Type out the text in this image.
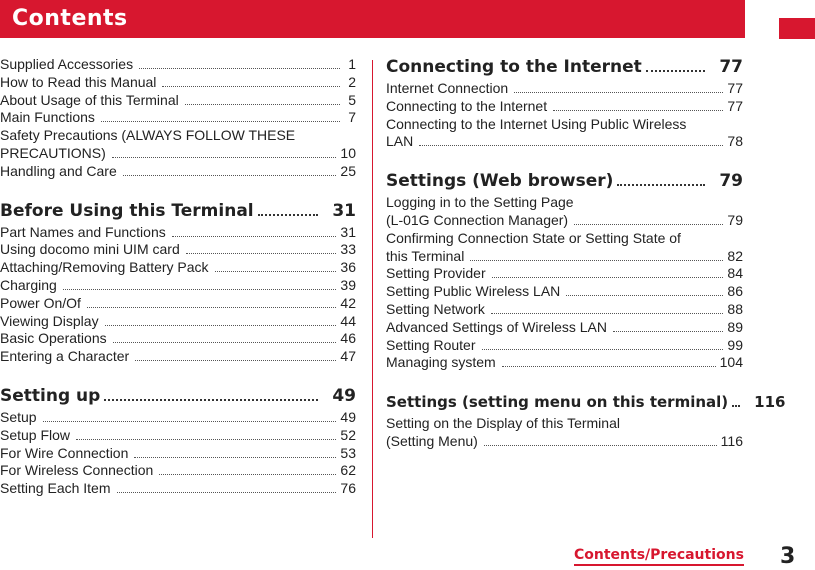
Contents
Supplied Accessories	1
How to Read this Manual	2
About Usage of this Terminal	5
Main Functions	7
Safety Precautions (ALWAYS FOLLOW THESE
PRECAUTIONS)	10
Handling and Care	25
Before Using this Terminal	31
Part Names and Functions	31
Using docomo mini UIM card	33
Attaching/Removing Battery Pack	36
Charging	39
Power On/Of	42
Viewing Display	44
Basic Operations	46
Entering a Character	47
Setting up	49
Setup	49
Setup Flow	52
For Wire Connection	53
For Wireless Connection	62
Setting Each Item	76
Connecting to the Internet	77
Internet Connection	77
Connecting to the Internet	77
Connecting to the Internet Using Public Wireless
LAN	78
Settings (Web browser)	79
Logging in to the Setting Page
(L-01G Connection Manager)	79
Confirming Connection State or Setting State of
this Terminal	82
Setting Provider	84
Setting Public Wireless LAN	86
Setting Network	88
Advanced Settings of Wireless LAN	89
Setting Router	99
Managing system	104
Settings (setting menu on this terminal) 116
Setting on the Display of this Terminal
(Setting Menu)	116
Contents/Precautions 3
